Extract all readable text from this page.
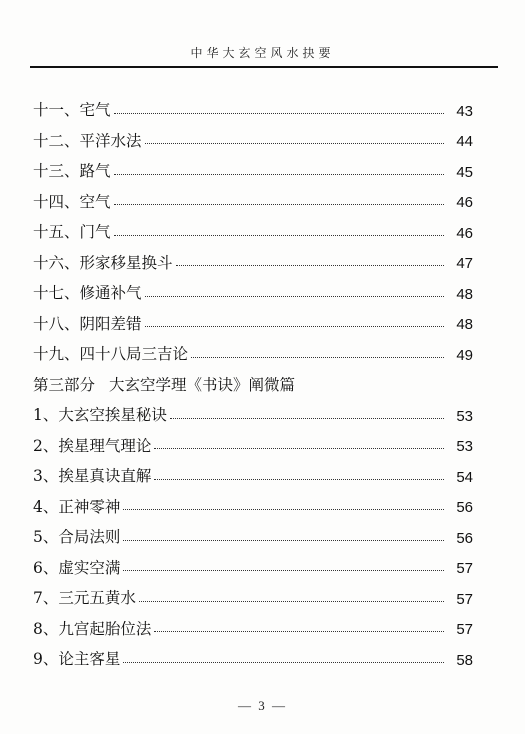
中华大玄空风水抉要
十一、 宅气	43
十二、 平洋水法	44
十三、 路气	45
十四、 空气	46
十五、 门气	46
十六、 形家移星换斗	47
十七、 修通补气	48
十八、 阴阳差错	48
十九、 四十八局三吉论	49
第三部分 大玄空学理《书诀》阐微篇
1、 大玄空挨星秘诀	53
2、 挨星理气理论	53
3、 挨星真诀直解	54
4、 正神零神	56
5、 合局法则	56
6、 虚实空满	57
7、 三元五黄水	57
8、 九宫起胎位法	57
9、 论主客星	58
— 3 —
